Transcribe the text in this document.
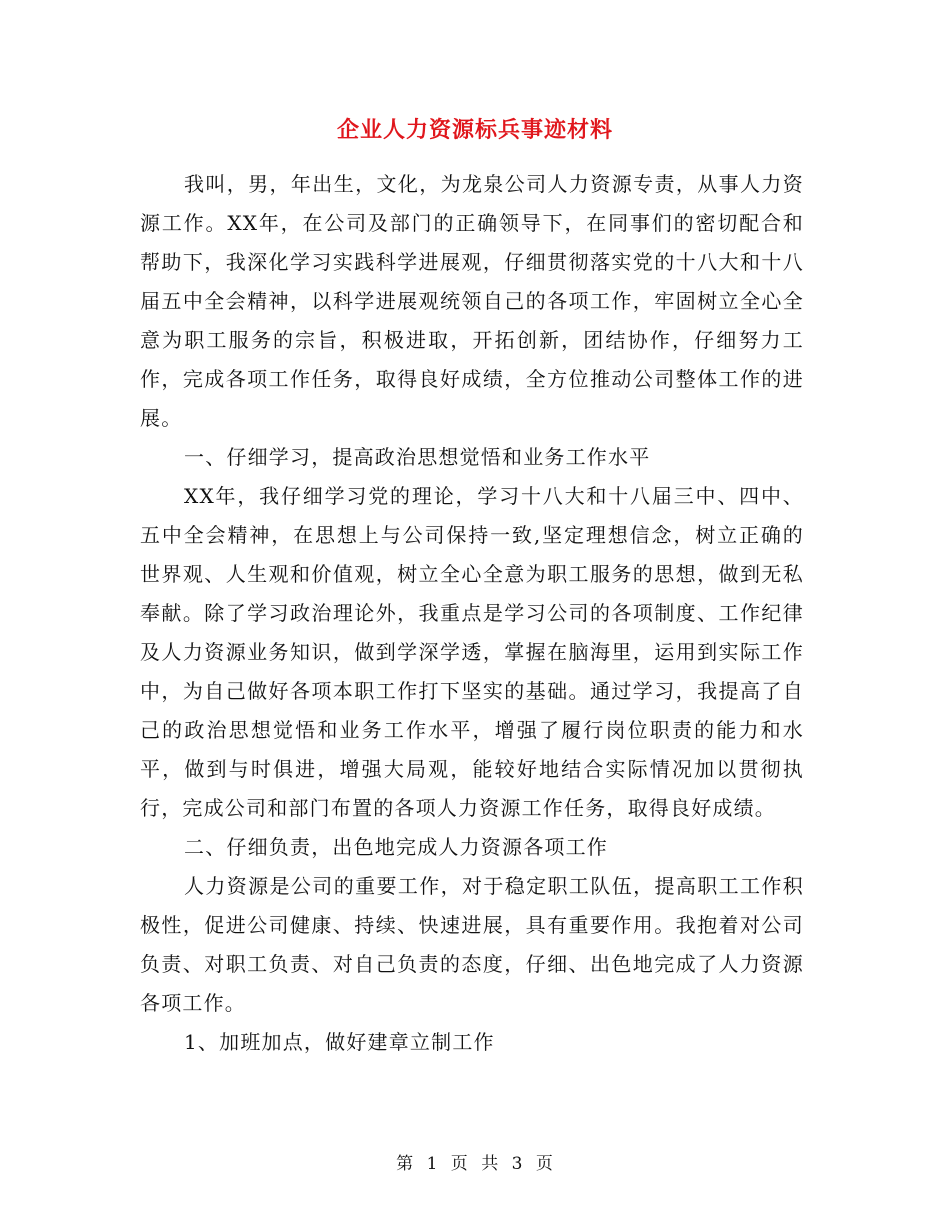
企业人力资源标兵事迹材料

我叫，男，年出生，文化，为龙泉公司人力资源专责，从事人力资源工作。XX年，在公司及部门的正确领导下，在同事们的密切配合和帮助下，我深化学习实践科学进展观，仔细贯彻落实党的十八大和十八届五中全会精神，以科学进展观统领自己的各项工作，牢固树立全心全意为职工服务的宗旨，积极进取，开拓创新，团结协作，仔细努力工作，完成各项工作任务，取得良好成绩，全方位推动公司整体工作的进展。

一、仔细学习，提高政治思想觉悟和业务工作水平

XX年，我仔细学习党的理论，学习十八大和十八届三中、四中、五中全会精神，在思想上与公司保持一致,坚定理想信念，树立正确的世界观、人生观和价值观，树立全心全意为职工服务的思想，做到无私奉献。除了学习政治理论外，我重点是学习公司的各项制度、工作纪律及人力资源业务知识，做到学深学透，掌握在脑海里，运用到实际工作中，为自己做好各项本职工作打下坚实的基础。通过学习，我提高了自己的政治思想觉悟和业务工作水平，增强了履行岗位职责的能力和水平，做到与时俱进，增强大局观，能较好地结合实际情况加以贯彻执行，完成公司和部门布置的各项人力资源工作任务，取得良好成绩。

二、仔细负责，出色地完成人力资源各项工作

人力资源是公司的重要工作，对于稳定职工队伍，提高职工工作积极性，促进公司健康、持续、快速进展，具有重要作用。我抱着对公司负责、对职工负责、对自己负责的态度，仔细、出色地完成了人力资源各项工作。

1、加班加点，做好建章立制工作

第 1 页 共 3 页
